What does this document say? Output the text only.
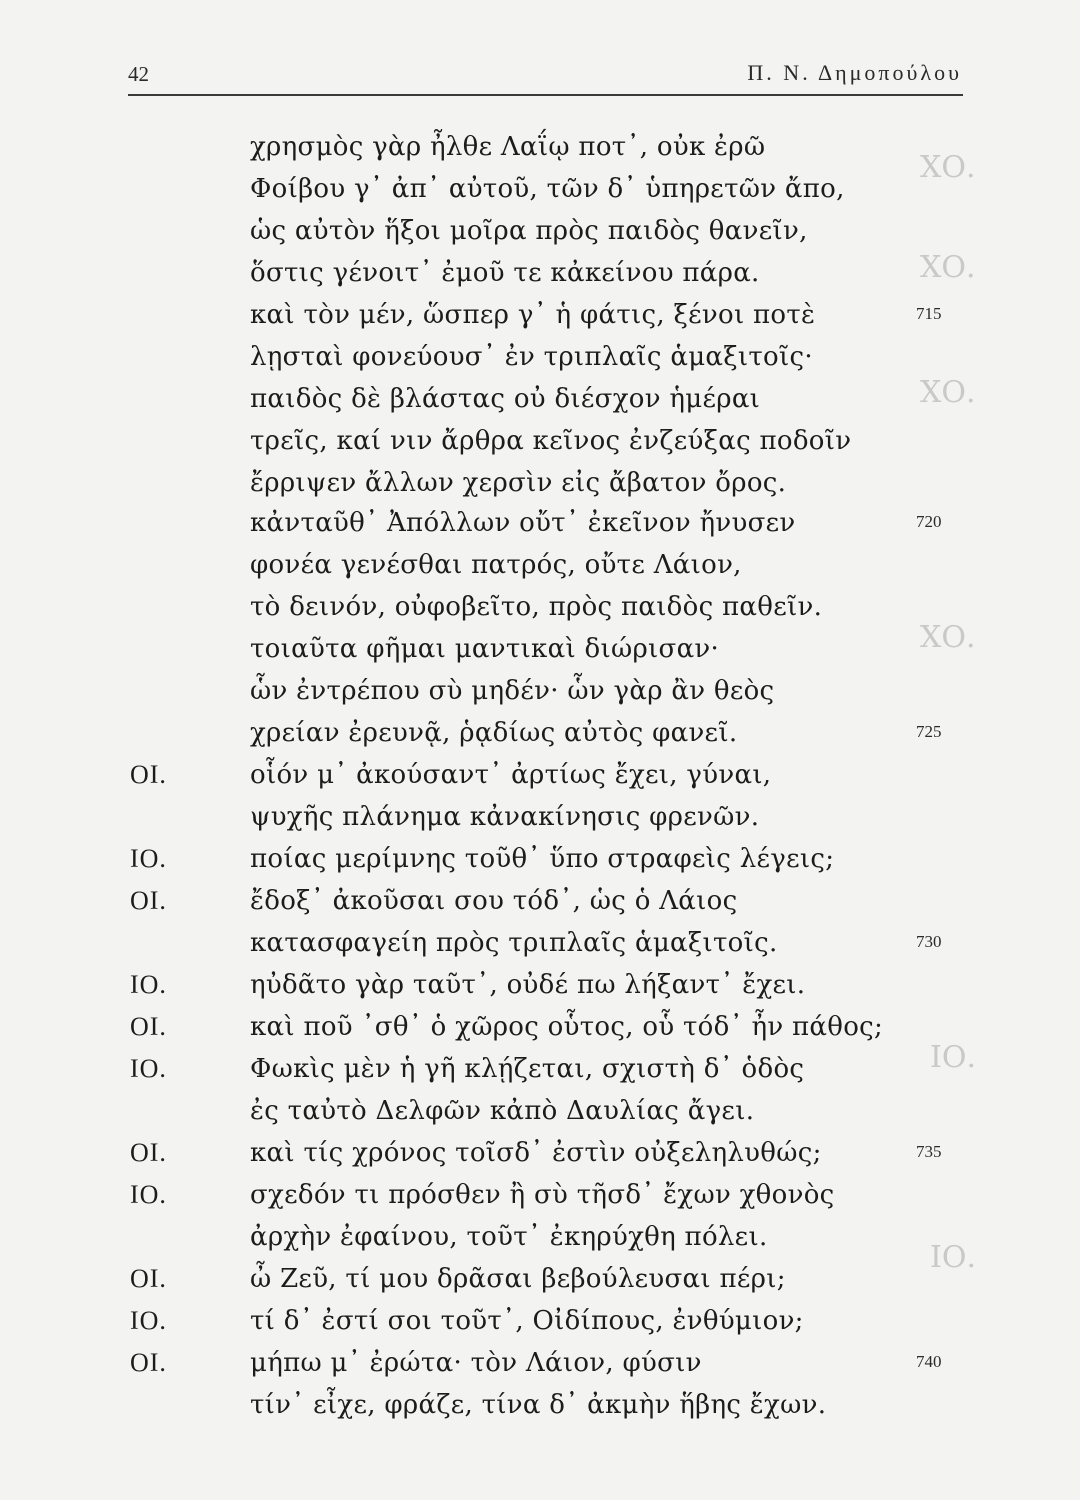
ΧΟ.
ΧΟ.
ΧΟ.
ΧΟ.
ΙΟ.
ΙΟ.
42	Π. Ν. Δημοπούλου
χρησμὸς γὰρ ἦλθε Λαΐῳ ποτ᾽, οὐκ ἐρῶ
Φοίβου γ᾽ ἀπ᾽ αὐτοῦ, τῶν δ᾽ ὑπηρετῶν ἄπο,
ὡς αὐτὸν ἥξοι μοῖρα πρὸς παιδὸς θανεῖν,
ὅστις γένοιτ᾽ ἐμοῦ τε κἀκείνου πάρα.
καὶ τὸν μέν, ὥσπερ γ᾽ ἡ φάτις, ξένοι ποτὲ	715
λῃσταὶ φονεύουσ᾽ ἐν τριπλαῖς ἁμαξιτοῖς·
παιδὸς δὲ βλάστας οὐ διέσχον ἡμέραι
τρεῖς, καί νιν ἄρθρα κεῖνος ἐνζεύξας ποδοῖν
ἔρριψεν ἄλλων χερσὶν εἰς ἄβατον ὄρος.
κἀνταῦθ᾽ Ἀπόλλων οὔτ᾽ ἐκεῖνον ἤνυσεν	720
φονέα γενέσθαι πατρός, οὔτε Λάιον,
τὸ δεινόν, οὐφοβεῖτο, πρὸς παιδὸς παθεῖν.
τοιαῦτα φῆμαι μαντικαὶ διώρισαν·
ὧν ἐντρέπου σὺ μηδέν· ὧν γὰρ ἂν θεὸς
χρείαν ἐρευνᾷ, ῥᾳδίως αὐτὸς φανεῖ.	725
ΟΙ.	οἷόν μ᾽ ἀκούσαντ᾽ ἀρτίως ἔχει, γύναι,
ψυχῆς πλάνημα κἀνακίνησις φρενῶν.
ΙΟ.	ποίας μερίμνης τοῦθ᾽ ὕπο στραφεὶς λέγεις;
ΟΙ.	ἔδοξ᾽ ἀκοῦσαι σου τόδ᾽, ὡς ὁ Λάιος
κατασφαγείη πρὸς τριπλαῖς ἁμαξιτοῖς.	730
ΙΟ.	ηὐδᾶτο γὰρ ταῦτ᾽, οὐδέ πω λήξαντ᾽ ἔχει.
ΟΙ.	καὶ ποῦ ᾽σθ᾽ ὁ χῶρος οὗτος, οὗ τόδ᾽ ἦν πάθος;
ΙΟ.	Φωκὶς μὲν ἡ γῆ κλῄζεται, σχιστὴ δ᾽ ὁδὸς
ἐς ταὐτὸ Δελφῶν κἀπὸ Δαυλίας ἄγει.
ΟΙ.	καὶ τίς χρόνος τοῖσδ᾽ ἐστὶν οὐξεληλυθώς;	735
ΙΟ.	σχεδόν τι πρόσθεν ἢ σὺ τῆσδ᾽ ἔχων χθονὸς
ἀρχὴν ἐφαίνου, τοῦτ᾽ ἐκηρύχθη πόλει.
ΟΙ.	ὦ Ζεῦ, τί μου δρᾶσαι βεβούλευσαι πέρι;
ΙΟ.	τί δ᾽ ἐστί σοι τοῦτ᾽, Οἰδίπους, ἐνθύμιον;
ΟΙ.	μήπω μ᾽ ἐρώτα· τὸν Λάιον, φύσιν	740
τίν᾽ εἶχε, φράζε, τίνα δ᾽ ἀκμὴν ἥβης ἔχων.
